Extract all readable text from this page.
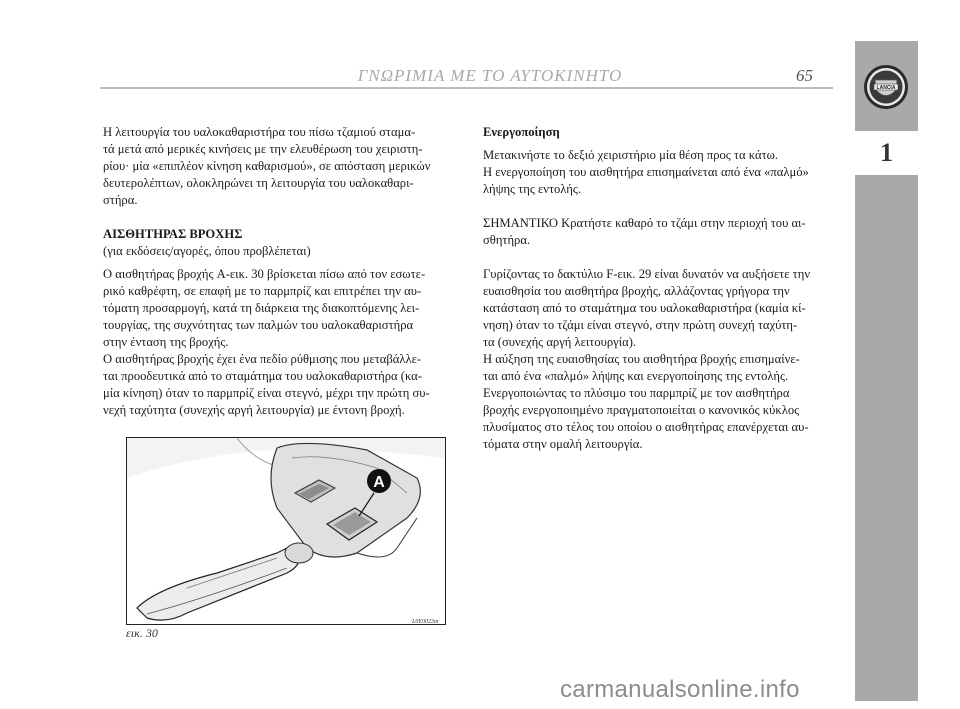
ΓΝΩΡΙΜΙΑ ΜΕ ΤΟ ΑΥΤΟΚΙΝΗΤΟ	65
LANCIA
1

Η λειτουργία του υαλοκαθαριστήρα του πίσω τζαμιού σταμα-

τά μετά από μερικές κινήσεις με την ελευθέρωση του χειριστη-

ρίου· μία «επιπλέον κίνηση καθαρισμού», σε απόσταση μερικών

δευτερολέπτων, ολοκληρώνει τη λειτουργία του υαλοκαθαρι-

στήρα.

ΑΙΣΘΗΤΗΡΑΣ ΒΡΟΧΗΣ

(για εκδόσεις/αγορές, όπου προβλέπεται)

Ο αισθητήρας βροχής A-εικ. 30 βρίσκεται πίσω από τον εσωτε-

ρικό καθρέφτη, σε επαφή με το παρμπρίζ και επιτρέπει την αυ-

τόματη προσαρμογή, κατά τη διάρκεια της διακοπτόμενης λει-

τουργίας, της συχνότητας των παλμών του υαλοκαθαριστήρα

στην ένταση της βροχής.

Ο αισθητήρας βροχής έχει ένα πεδίο ρύθμισης που μεταβάλλε-

ται προοδευτικά από το σταμάτημα του υαλοκαθαριστήρα (κα-

μία κίνηση) όταν το παρμπρίζ είναι στεγνό, μέχρι την πρώτη συ-

νεχή ταχύτητα (συνεχής αργή λειτουργία) με έντονη βροχή.

Ενεργοποίηση

Μετακινήστε το δεξιό χειριστήριο μία θέση προς τα κάτω.

Η ενεργοποίηση του αισθητήρα επισημαίνεται από ένα «παλμό»

λήψης της εντολής.

ΣΗΜΑΝΤΙΚΟ Κρατήστε καθαρό το τζάμι στην περιοχή του αι-

σθητήρα.

Γυρίζοντας το δακτύλιο F-εικ. 29 είναι δυνατόν να αυξήσετε την

ευαισθησία του αισθητήρα βροχής, αλλάζοντας γρήγορα την

κατάσταση από το σταμάτημα του υαλοκαθαριστήρα (καμία κί-

νηση) όταν το τζάμι είναι στεγνό, στην πρώτη συνεχή ταχύτη-

τα (συνεχής αργή λειτουργία).

Η αύξηση της ευαισθησίας του αισθητήρα βροχής επισημαίνε-

ται από ένα «παλμό» λήψης και ενεργοποίησης της εντολής.

Ενεργοποιώντας το πλύσιμο του παρμπρίζ με τον αισθητήρα

βροχής ενεργοποιημένο πραγματοποιείται ο κανονικός κύκλος

πλυσίματος στο τέλος του οποίου ο αισθητήρας επανέρχεται αυ-

τόματα στην ομαλή λειτουργία.

A
εικ. 30
L0E0023m
carmanualsonline.info
